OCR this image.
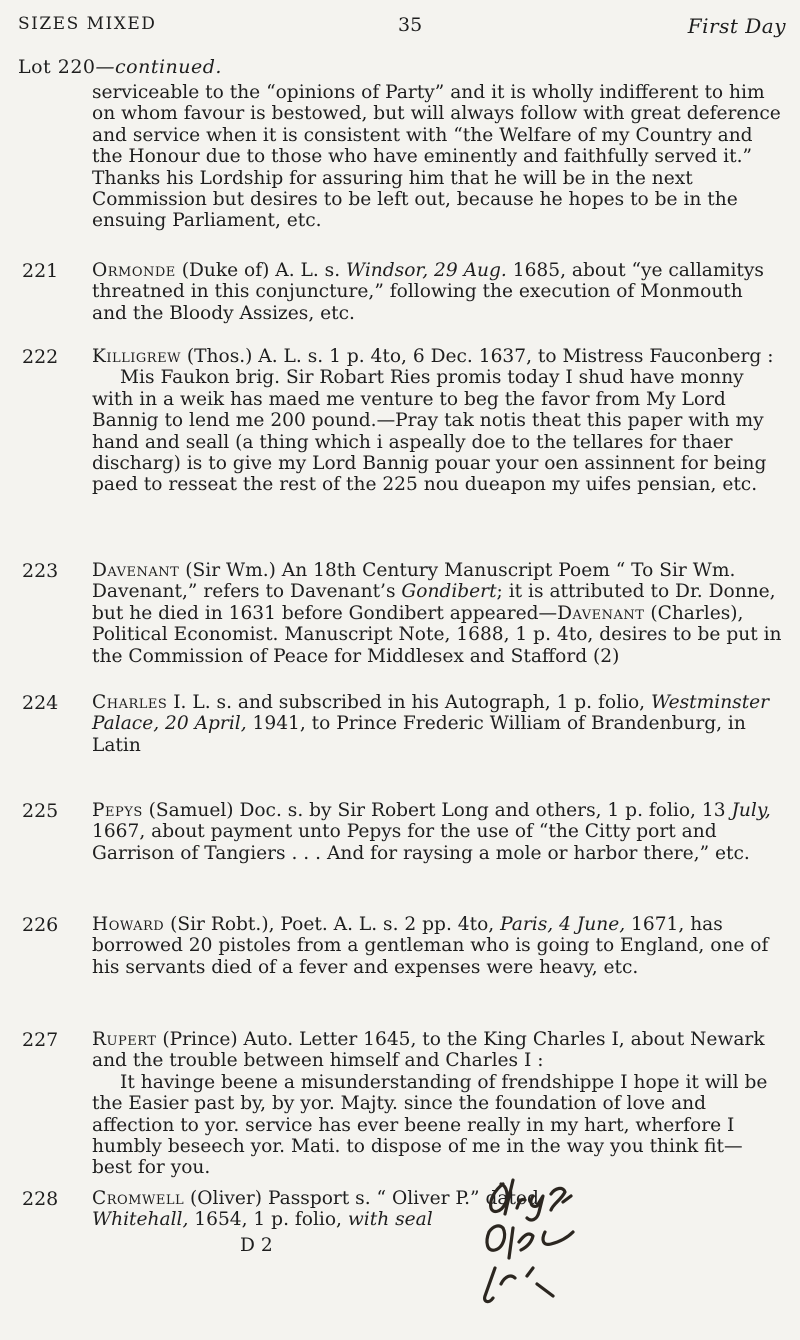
SIZES MIXED	35	First Day
Lot 220—continued.

serviceable to the “opinions of Party” and it is wholly indifferent to him on whom favour is bestowed, but will always follow with great deference and service when it is consistent with “the Welfare of my Country and the Honour due to those who have eminently and faithfully served it.” Thanks his Lordship for assuring him that he will be in the next Commission but desires to be left out, because he hopes to be in the ensuing Parliament, etc.

221 Ormonde (Duke of) A. L. s. Windsor, 29 Aug. 1685, about “ye callamitys threatned in this conjuncture,” following the execution of Monmouth and the Bloody Assizes, etc.

222 Killigrew (Thos.) A. L. s. 1 p. 4to, 6 Dec. 1637, to Mistress Fauconberg :

Mis Faukon brig. Sir Robart Ries promis today I shud have monny with in a weik has maed me venture to beg the favor from My Lord Bannig to lend me 200 pound.—Pray tak notis theat this paper with my hand and seall (a thing which i aspeally doe to the tellares for thaer discharg) is to give my Lord Bannig pouar your oen assinnent for being paed to resseat the rest of the 225 nou dueapon my uifes pensian, etc.

223 Davenant (Sir Wm.) An 18th Century Manuscript Poem “ To Sir Wm. Davenant,” refers to Davenant’s Gondibert; it is attributed to Dr. Donne, but he died in 1631 before Gondibert appeared—Davenant (Charles), Political Economist. Manuscript Note, 1688, 1 p. 4to, desires to be put in the Commission of Peace for Middlesex and Stafford (2)

224 Charles I. L. s. and subscribed in his Autograph, 1 p. folio, Westminster Palace, 20 April, 1941, to Prince Frederic William of Brandenburg, in Latin

225 Pepys (Samuel) Doc. s. by Sir Robert Long and others, 1 p. folio, 13 July, 1667, about payment unto Pepys for the use of “the Citty port and Garrison of Tangiers . . . And for raysing a mole or harbor there,” etc.

226 Howard (Sir Robt.), Poet. A. L. s. 2 pp. 4to, Paris, 4 June, 1671, has borrowed 20 pistoles from a gentleman who is going to England, one of his servants died of a fever and expenses were heavy, etc.

227 Rupert (Prince) Auto. Letter 1645, to the King Charles I, about Newark and the trouble between himself and Charles I :

It havinge beene a misunderstanding of frendshippe I hope it will be the Easier past by, by yor. Majty. since the foundation of love and affection to yor. service has ever beene really in my hart, wherfore I humbly beseech yor. Mati. to dispose of me in the way you think fit—best for you.

228 Cromwell (Oliver) Passport s. “ Oliver P.” dated Whitehall, 1654, 1 p. folio, with seal

D 2
